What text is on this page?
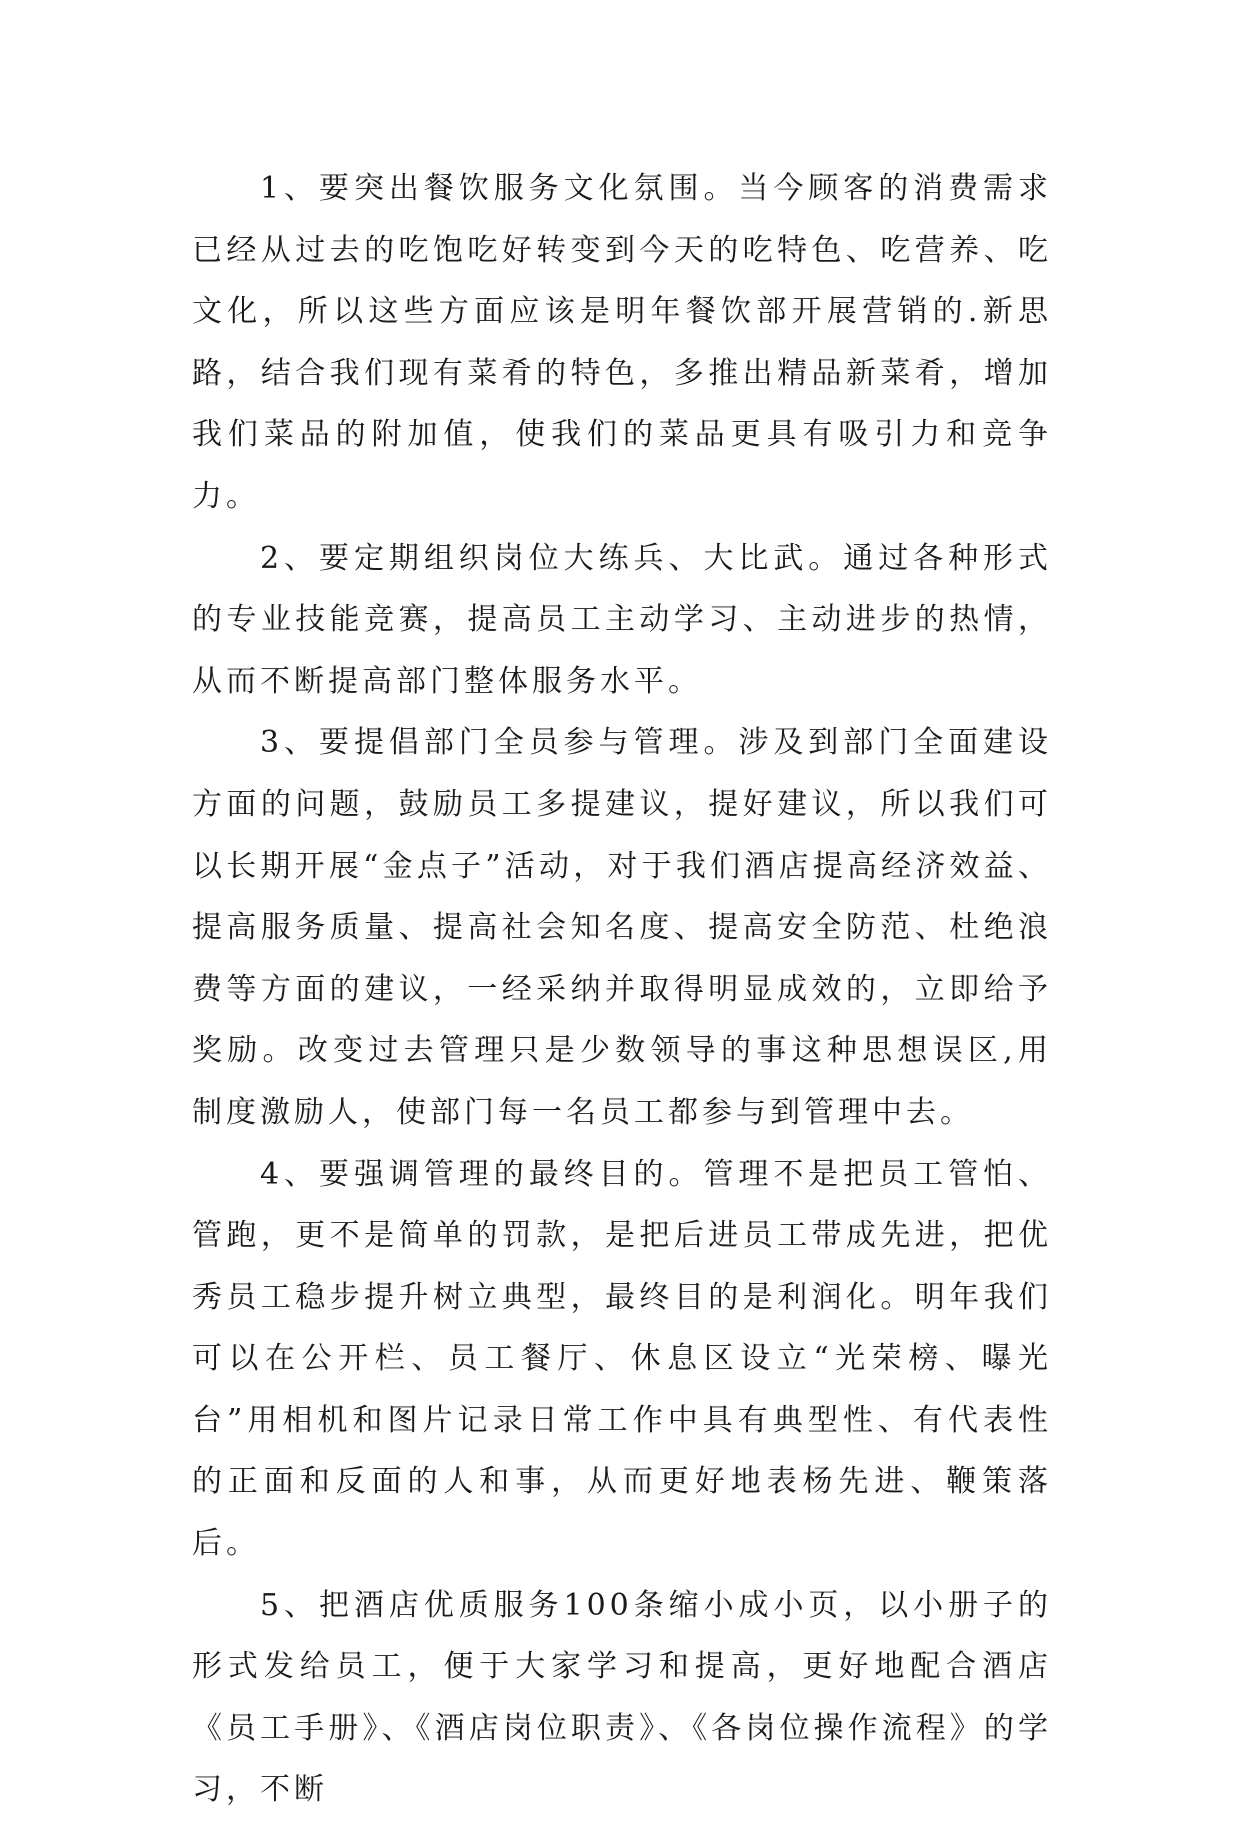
1、要突出餐饮服务文化氛围。当今顾客的消费需求已经从过去的吃饱吃好转变到今天的吃特色、吃营养、吃文化，所以这些方面应该是明年餐饮部开展营销的.新思路，结合我们现有菜肴的特色，多推出精品新菜肴，增加我们菜品的附加值，使我们的菜品更具有吸引力和竞争力。

2、要定期组织岗位大练兵、大比武。通过各种形式的专业技能竞赛，提高员工主动学习、主动进步的热情，从而不断提高部门整体服务水平。

3、要提倡部门全员参与管理。涉及到部门全面建设方面的问题，鼓励员工多提建议，提好建议，所以我们可以长期开展“金点子”活动，对于我们酒店提高经济效益、提高服务质量、提高社会知名度、提高安全防范、杜绝浪费等方面的建议，一经采纳并取得明显成效的，立即给予奖励。改变过去管理只是少数领导的事这种思想误区,用制度激励人，使部门每一名员工都参与到管理中去。

4、要强调管理的最终目的。管理不是把员工管怕、管跑，更不是简单的罚款，是把后进员工带成先进，把优秀员工稳步提升树立典型，最终目的是利润化。明年我们可以在公开栏、员工餐厅、休息区设立“光荣榜、曝光台”用相机和图片记录日常工作中具有典型性、有代表性的正面和反面的人和事，从而更好地表杨先进、鞭策落后。

5、把酒店优质服务100条缩小成小页，以小册子的形式发给员工，便于大家学习和提高，更好地配合酒店《员工手册》、《酒店岗位职责》、《各岗位操作流程》的学习，不断
